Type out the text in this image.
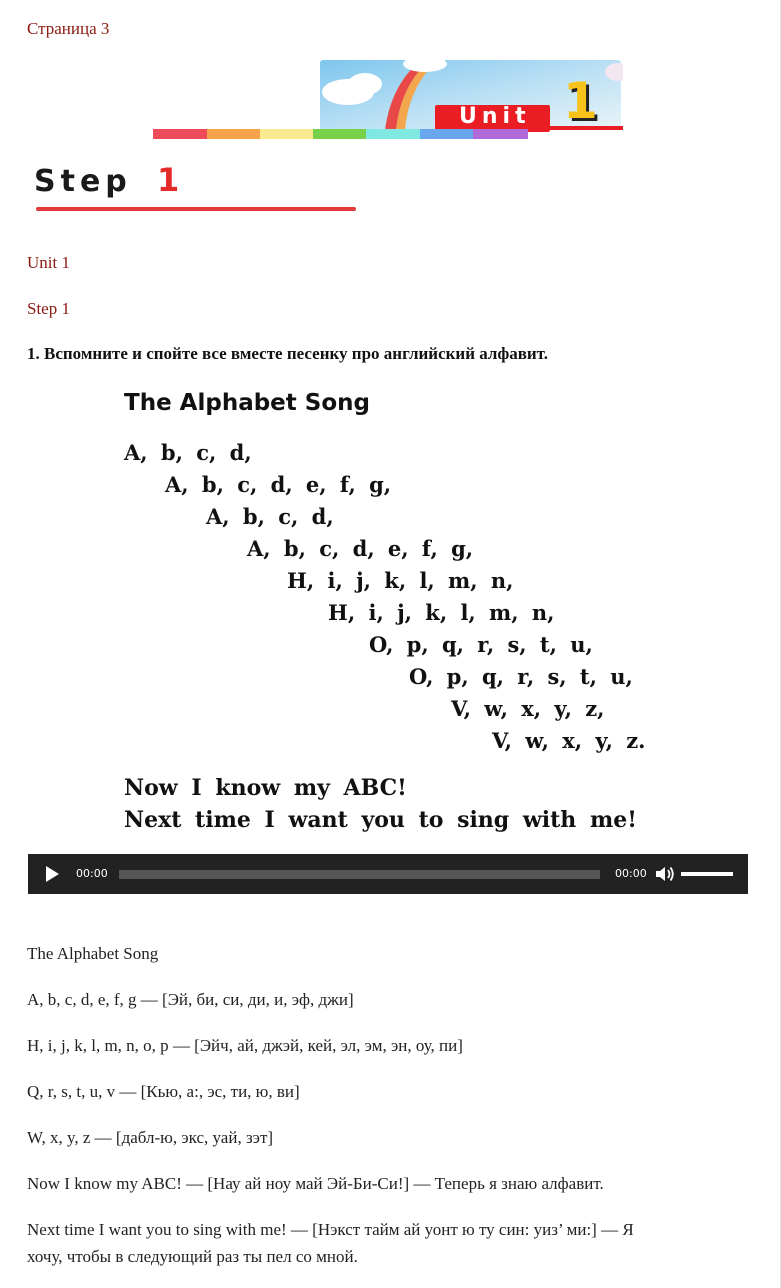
Страница 3
Unit 1
Step 1
Unit 1
Step 1
1. Вспомните и спойте все вместе песенку про английский алфавит.
The Alphabet Song
A, b, c, d,
A, b, c, d, e, f, g,
A, b, c, d,
A, b, c, d, e, f, g,
H, i, j, k, l, m, n,
H, i, j, k, l, m, n,
O, p, q, r, s, t, u,
O, p, q, r, s, t, u,
V, w, x, y, z,
V, w, x, y, z.
Now I know my ABC!
Next time I want you to sing with me!
00:00	00:00
The Alphabet Song
A, b, c, d, e, f, g — [Эй, би, си, ди, и, эф, джи]
H, i, j, k, l, m, n, o, p — [Эйч, ай, джэй, кей, эл, эм, эн, оу, пи]
Q, r, s, t, u, v — [Кью, а:, эс, ти, ю, ви]
W, x, y, z — [дабл-ю, экс, уай, зэт]
Now I know my ABC! — [Нау ай ноу май Эй-Би-Си!] — Теперь я знаю алфавит.
Next time I want you to sing with me! — [Нэкст тайм ай уонт ю ту син: уиз’ ми:] — Я
хочу, чтобы в следующий раз ты пел со мной.
